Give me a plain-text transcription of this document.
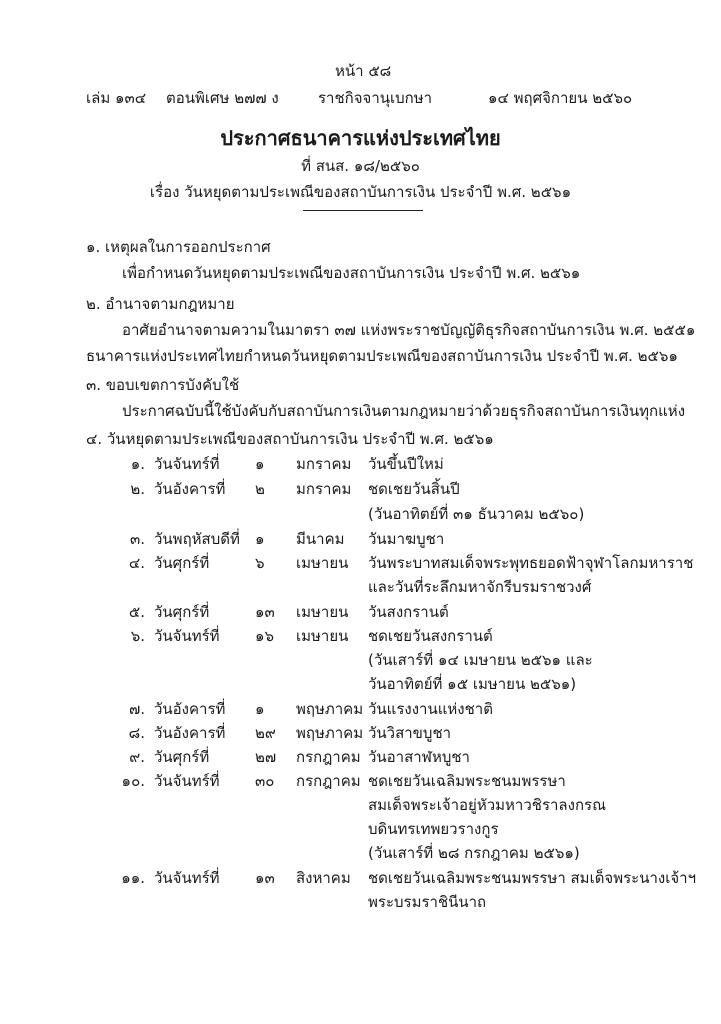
หน้า ๕๘
เล่ม ๑๓๔ ตอนพิเศษ ๒๗๗ ง	ราชกิจจานุเบกษา	๑๔ พฤศจิกายน ๒๕๖๐
ประกาศธนาคารแห่งประเทศไทย
ที่ สนส. ๑๘/๒๕๖๐
เรื่อง วันหยุดตามประเพณีของสถาบันการเงิน ประจำปี พ.ศ. ๒๕๖๑
๑. เหตุผลในการออกประกาศ
เพื่อกำหนดวันหยุดตามประเพณีของสถาบันการเงิน ประจำปี พ.ศ. ๒๕๖๑
๒. อำนาจตามกฎหมาย
อาศัยอำนาจตามความในมาตรา ๓๗ แห่งพระราชบัญญัติธุรกิจสถาบันการเงิน พ.ศ. ๒๕๕๑
ธนาคารแห่งประเทศไทยกำหนดวันหยุดตามประเพณีของสถาบันการเงิน ประจำปี พ.ศ. ๒๕๖๑
๓. ขอบเขตการบังคับใช้
ประกาศฉบับนี้ใช้บังคับกับสถาบันการเงินตามกฎหมายว่าด้วยธุรกิจสถาบันการเงินทุกแห่ง
๔. วันหยุดตามประเพณีของสถาบันการเงิน ประจำปี พ.ศ. ๒๕๖๑
๑. วันจันทร์ที่ ๑ มกราคม วันขึ้นปีใหม่
๒. วันอังคารที่ ๒ มกราคม ชดเชยวันสิ้นปี
(วันอาทิตย์ที่ ๓๑ ธันวาคม ๒๕๖๐)
๓. วันพฤหัสบดีที่ ๑ มีนาคม วันมาฆบูชา
๔. วันศุกร์ที่	๖ เมษายน วันพระบาทสมเด็จพระพุทธยอดฟ้าจุฬาโลกมหาราช
และวันที่ระลึกมหาจักรีบรมราชวงศ์
๕. วันศุกร์ที่	๑๓ เมษายน วันสงกรานต์
๖. วันจันทร์ที่ ๑๖ เมษายน ชดเชยวันสงกรานต์
(วันเสาร์ที่ ๑๔ เมษายน ๒๕๖๑ และ
วันอาทิตย์ที่ ๑๕ เมษายน ๒๕๖๑)
๗. วันอังคารที่ ๑ พฤษภาคม วันแรงงานแห่งชาติ
๘. วันอังคารที่ ๒๙ พฤษภาคม วันวิสาขบูชา
๙. วันศุกร์ที่	๒๗ กรกฎาคม วันอาสาฬหบูชา
๑๐. วันจันทร์ที่ ๓๐ กรกฎาคม ชดเชยวันเฉลิมพระชนมพรรษา
สมเด็จพระเจ้าอยู่หัวมหาวชิราลงกรณ
บดินทรเทพยวรางกูร
(วันเสาร์ที่ ๒๘ กรกฎาคม ๒๕๖๑)
๑๑. วันจันทร์ที่ ๑๓ สิงหาคม ชดเชยวันเฉลิมพระชนมพรรษา สมเด็จพระนางเจ้าฯ
พระบรมราชินีนาถ
